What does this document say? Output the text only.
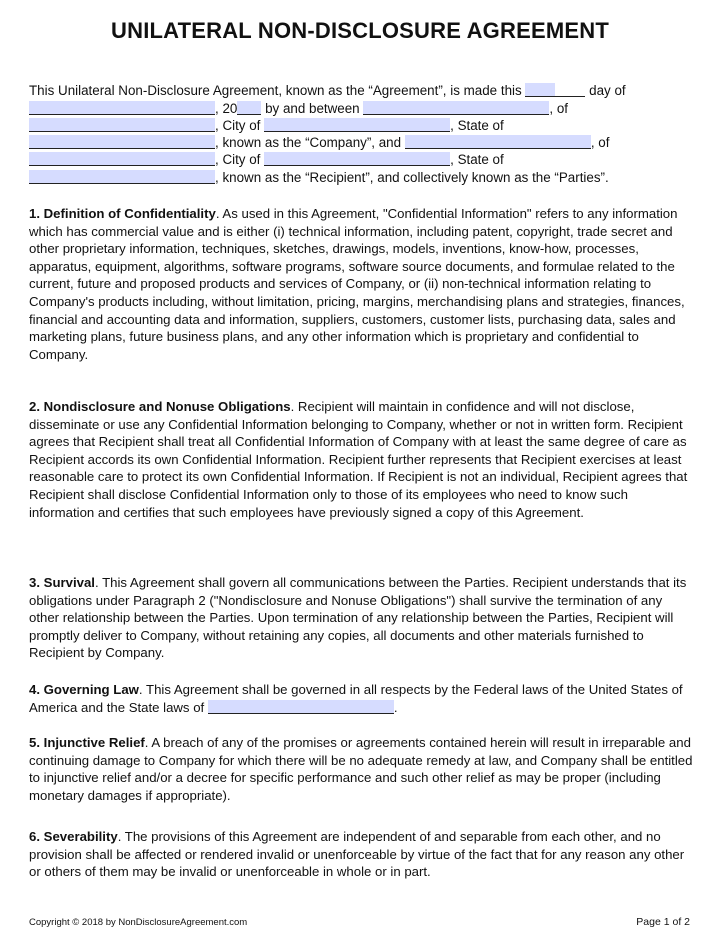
UNILATERAL NON-DISCLOSURE AGREEMENT
This Unilateral Non-Disclosure Agreement, known as the “Agreement”, is made this	day of
, 20 by and between	, of
, City of	, State of
, known as the “Company”, and	, of
, City of	, State of
, known as the “Recipient”, and collectively known as the “Parties”.
1. Definition of Confidentiality. As used in this Agreement, "Confidential Information" refers to any information which has commercial value and is either (i) technical information, including patent, copyright, trade secret and other proprietary information, techniques, sketches, drawings, models, inventions, know-how, processes, apparatus, equipment, algorithms, software programs, software source documents, and formulae related to the current, future and proposed products and services of Company, or (ii) non-technical information relating to Company's products including, without limitation, pricing, margins, merchandising plans and strategies, finances, financial and accounting data and information, suppliers, customers, customer lists, purchasing data, sales and marketing plans, future business plans, and any other information which is proprietary and confidential to Company.
2. Nondisclosure and Nonuse Obligations. Recipient will maintain in confidence and will not disclose, disseminate or use any Confidential Information belonging to Company, whether or not in written form. Recipient agrees that Recipient shall treat all Confidential Information of Company with at least the same degree of care as Recipient accords its own Confidential Information. Recipient further represents that Recipient exercises at least reasonable care to protect its own Confidential Information. If Recipient is not an individual, Recipient agrees that Recipient shall disclose Confidential Information only to those of its employees who need to know such information and certifies that such employees have previously signed a copy of this Agreement.
3. Survival. This Agreement shall govern all communications between the Parties. Recipient understands that its obligations under Paragraph 2 ("Nondisclosure and Nonuse Obligations") shall survive the termination of any other relationship between the Parties. Upon termination of any relationship between the Parties, Recipient will promptly deliver to Company, without retaining any copies, all documents and other materials furnished to Recipient by Company.
4. Governing Law. This Agreement shall be governed in all respects by the Federal laws of the United States of America and the State laws of	.
5. Injunctive Relief. A breach of any of the promises or agreements contained herein will result in irreparable and continuing damage to Company for which there will be no adequate remedy at law, and Company shall be entitled to injunctive relief and/or a decree for specific performance and such other relief as may be proper (including monetary damages if appropriate).
6. Severability. The provisions of this Agreement are independent of and separable from each other, and no provision shall be affected or rendered invalid or unenforceable by virtue of the fact that for any reason any other or others of them may be invalid or unenforceable in whole or in part.
Copyright © 2018 by NonDisclosureAgreement.com	Page 1 of 2
